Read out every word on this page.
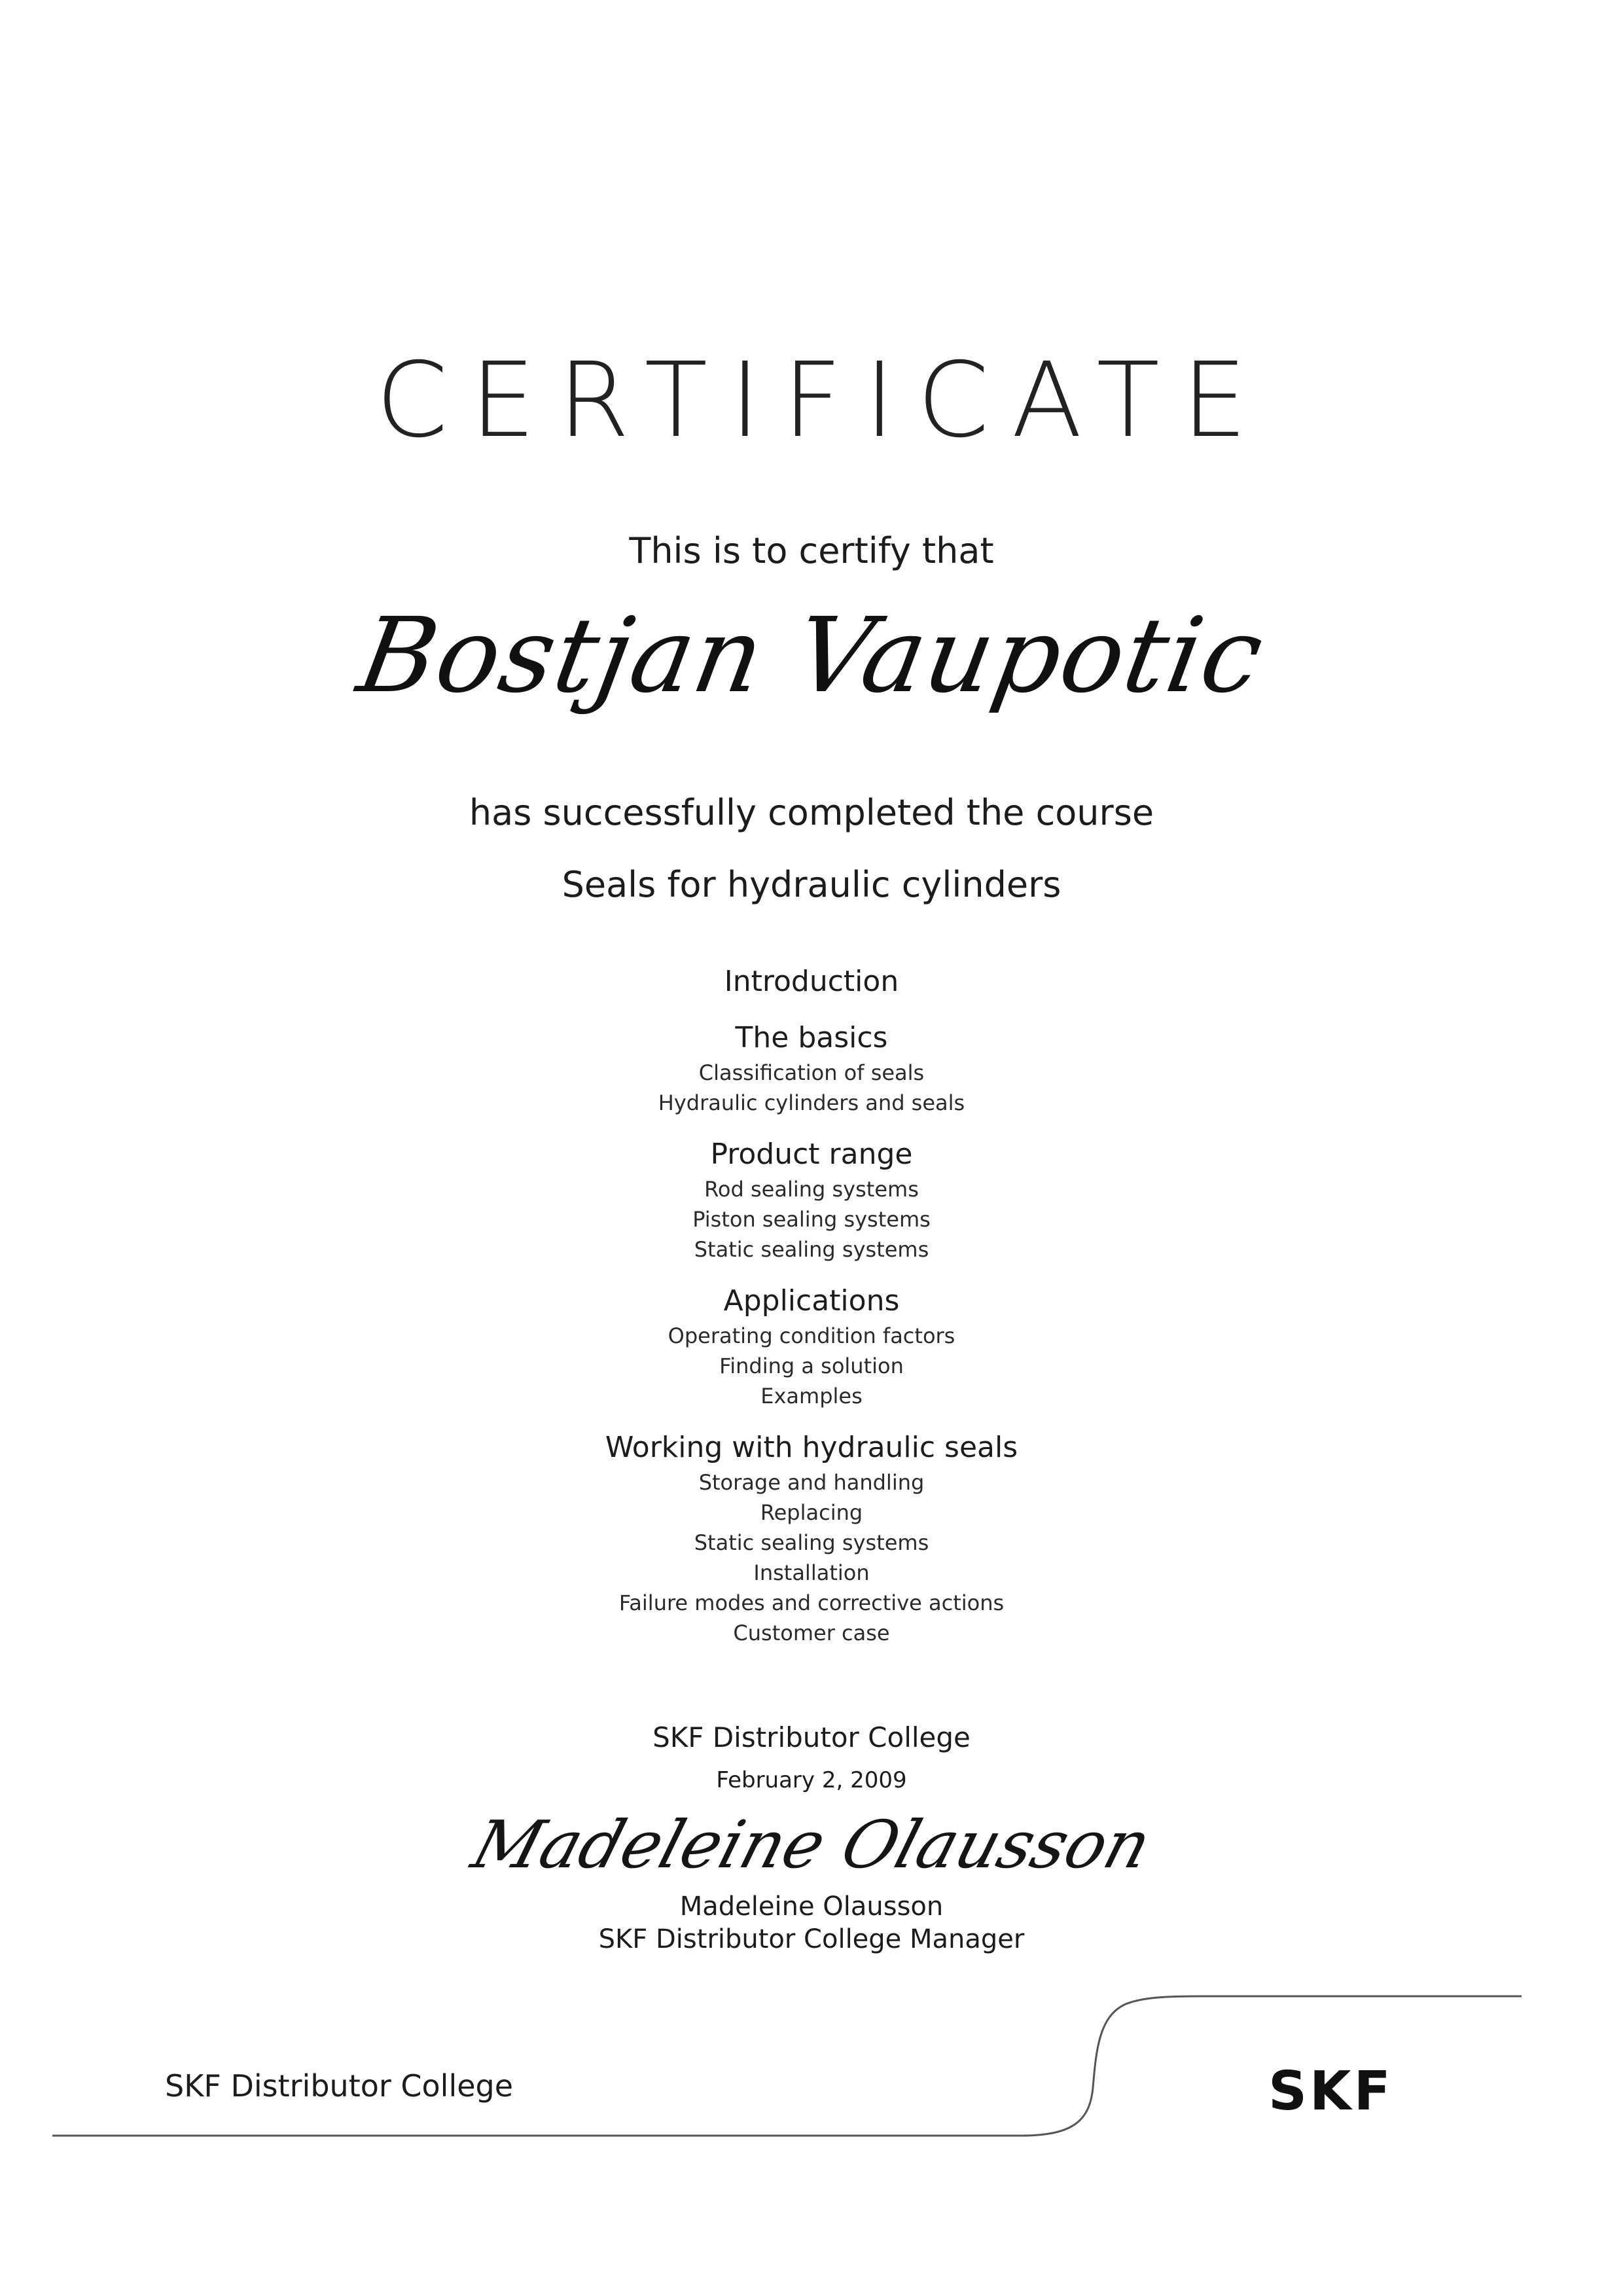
CERTIFICATE
This is to certify that
Bostjan Vaupotic
has successfully completed the course
Seals for hydraulic cylinders
Introduction
The basics
Classification of seals
Hydraulic cylinders and seals
Product range
Rod sealing systems
Piston sealing systems
Static sealing systems
Applications
Operating condition factors
Finding a solution
Examples
Working with hydraulic seals
Storage and handling
Replacing
Static sealing systems
Installation
Failure modes and corrective actions
Customer case
SKF Distributor College
February 2, 2009
Madeleine Olausson
Madeleine Olausson
SKF Distributor College Manager
SKF Distributor College	SKF
